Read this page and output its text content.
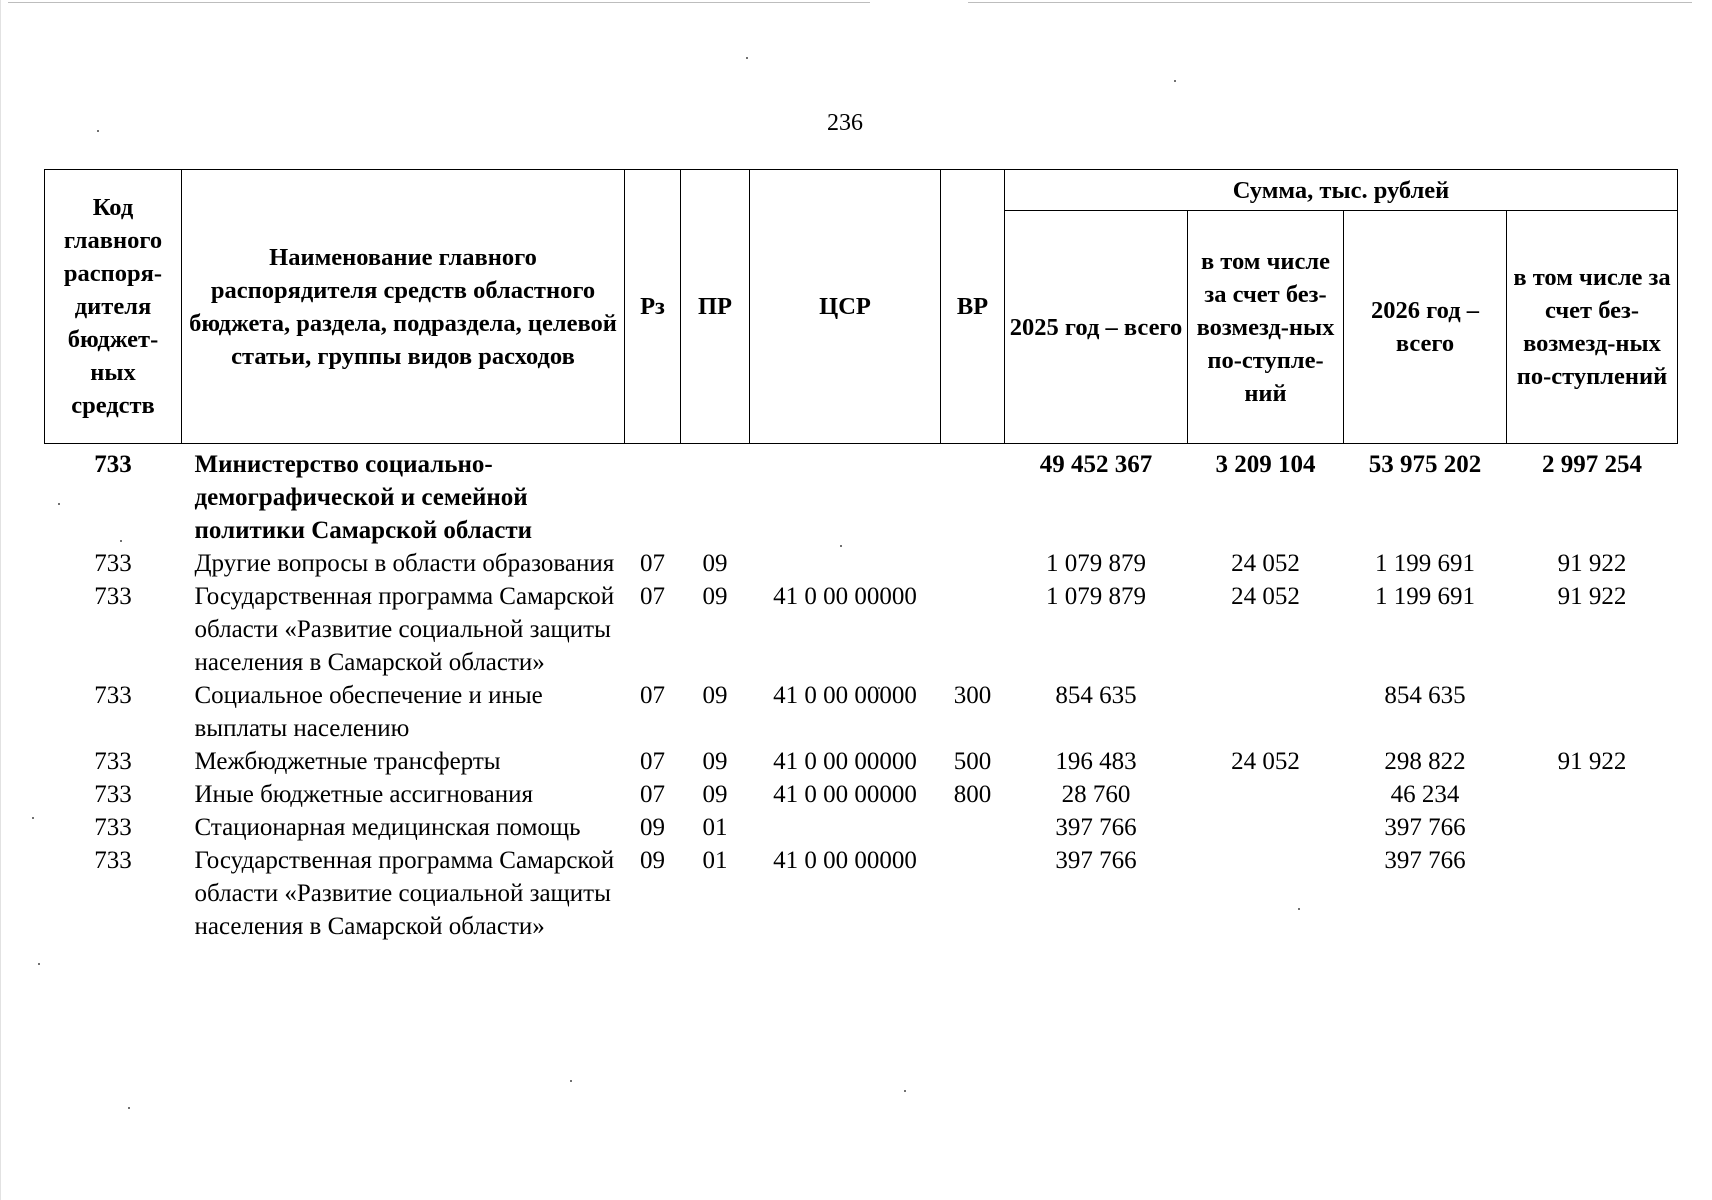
236
Код главного распоря-дителя бюджет-ных средств	Наименование главного распорядителя средств областного бюджета, раздела, подраздела, целевой статьи, группы видов расходов	Рз	ПР	ЦСР	ВР	Сумма, тыс. рублей			
						2025 год – всего	в том числе за счет без-возмезд-ных по-ступле-ний	2026 год – всего	в том числе за счет без-возмезд-ных по-ступлений
733	Министерство социально-демографической и семейной политики Самарской области					49 452 367	3 209 104	53 975 202	2 997 254
733	Другие вопросы в области образования	07	09			1 079 879	24 052	1 199 691	91 922
733	Государственная программа Самарской области «Развитие социальной защиты населения в Самарской области»	07	09	41 0 00 00000		1 079 879	24 052	1 199 691	91 922
733	Социальное обеспечение и иные выплаты населению	07	09	41 0 00 00000	300	854 635		854 635	
733	Межбюджетные трансферты	07	09	41 0 00 00000	500	196 483	24 052	298 822	91 922
733	Иные бюджетные ассигнования	07	09	41 0 00 00000	800	28 760		46 234	
733	Стационарная медицинская помощь	09	01			397 766		397 766	
733	Государственная программа Самарской области «Развитие социальной защиты населения в Самарской области»	09	01	41 0 00 00000		397 766		397 766	
